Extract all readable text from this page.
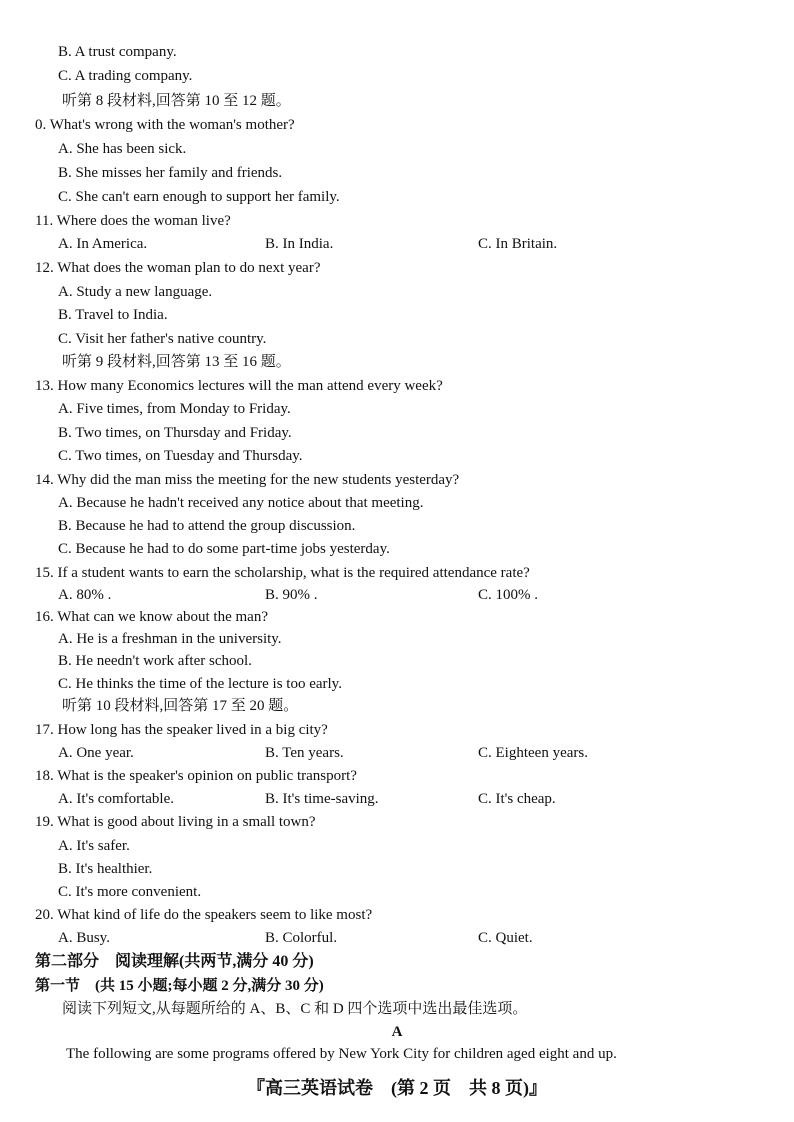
B. A trust company.
C. A trading company.
听第 8 段材料,回答第 10 至 12 题。
0. What's wrong with the woman's mother?
A. She has been sick.
B. She misses her family and friends.
C. She can't earn enough to support her family.
11. Where does the woman live?
A. In America.	B. In India.	C. In Britain.
12. What does the woman plan to do next year?
A. Study a new language.
B. Travel to India.
C. Visit her father's native country.
听第 9 段材料,回答第 13 至 16 题。
13. How many Economics lectures will the man attend every week?
A. Five times, from Monday to Friday.
B. Two times, on Thursday and Friday.
C. Two times, on Tuesday and Thursday.
14. Why did the man miss the meeting for the new students yesterday?
A. Because he hadn't received any notice about that meeting.
B. Because he had to attend the group discussion.
C. Because he had to do some part-time jobs yesterday.
15. If a student wants to earn the scholarship, what is the required attendance rate?
A. 80% .	B. 90% .	C. 100% .
16. What can we know about the man?
A. He is a freshman in the university.
B. He needn't work after school.
C. He thinks the time of the lecture is too early.
听第 10 段材料,回答第 17 至 20 题。
17. How long has the speaker lived in a big city?
A. One year.	B. Ten years.	C. Eighteen years.
18. What is the speaker's opinion on public transport?
A. It's comfortable.	B. It's time-saving.	C. It's cheap.
19. What is good about living in a small town?
A. It's safer.
B. It's healthier.
C. It's more convenient.
20. What kind of life do the speakers seem to like most?
A. Busy.	B. Colorful.	C. Quiet.
第二部分　阅读理解(共两节,满分 40 分)
第一节　(共 15 小题;每小题 2 分,满分 30 分)
阅读下列短文,从每题所给的 A、B、C 和 D 四个选项中选出最佳选项。
A
The following are some programs offered by New York City for children aged eight and up.
『高三英语试卷　(第 2 页　共 8 页)』
